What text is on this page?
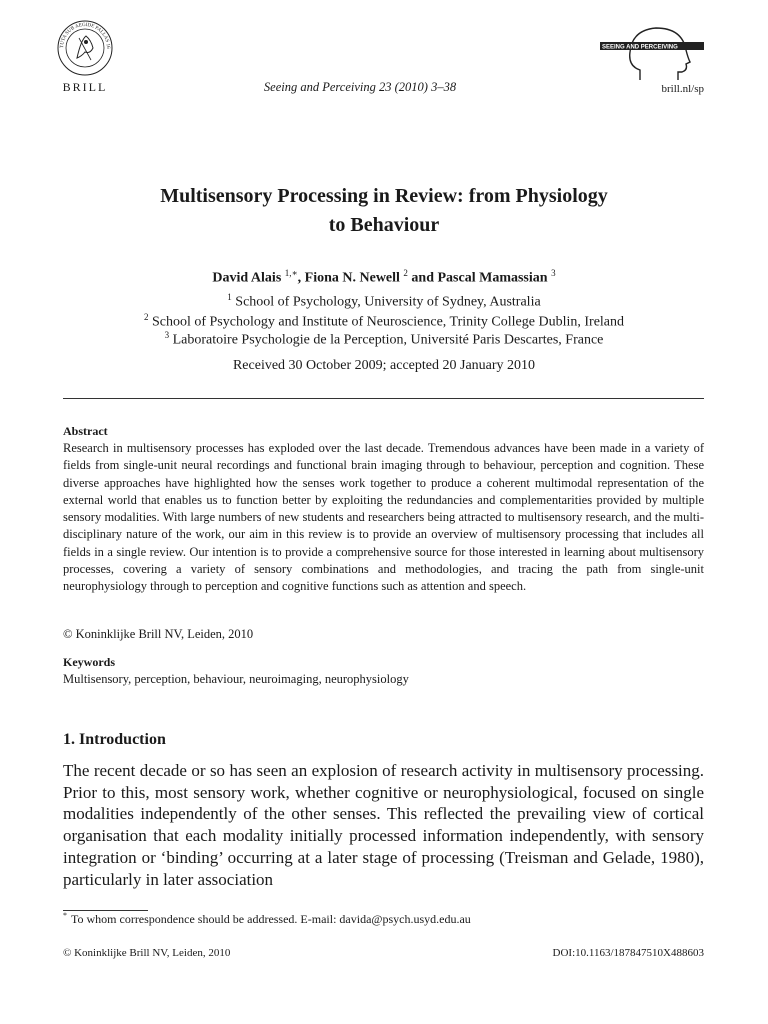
TUTA SUB AEGIDE PALLAS 16
BRILL	Seeing and Perceiving 23 (2010) 3–38
SEEING AND PERCEIVING
brill.nl/sp
Multisensory Processing in Review: from Physiology
to Behaviour
David Alais $^{1,∗}$, Fiona N. Newell $^2$ and Pascal Mamassian $^3$
$^1$ School of Psychology, University of Sydney, Australia
$^2$ School of Psychology and Institute of Neuroscience, Trinity College Dublin, Ireland
$^3$ Laboratoire Psychologie de la Perception, Université Paris Descartes, France
Received 30 October 2009; accepted 20 January 2010
Abstract
Research in multisensory processes has exploded over the last decade. Tremendous advances have been made in a variety of fields from single-unit neural recordings and functional brain imaging through to behaviour, perception and cognition. These diverse approaches have highlighted how the senses work together to produce a coherent multimodal representation of the external world that enables us to function better by exploiting the redundancies and complementarities provided by multiple sensory modalities. With large numbers of new students and researchers being attracted to multisensory research, and the multi-disciplinary nature of the work, our aim in this review is to provide an overview of multisensory processing that includes all fields in a single review. Our intention is to provide a comprehensive source for those interested in learning about multisensory processes, covering a variety of sensory combinations and methodologies, and tracing the path from single-unit neurophysiology through to perception and cognitive functions such as attention and speech.
© Koninklijke Brill NV, Leiden, 2010
Keywords
Multisensory, perception, behaviour, neuroimaging, neurophysiology
1. Introduction
The recent decade or so has seen an explosion of research activity in multisensory processing. Prior to this, most sensory work, whether cognitive or neurophysiological, focused on single modalities independently of the other senses. This reflected the prevailing view of cortical organisation that each modality initially processed information independently, with sensory integration or ‘binding’ occurring at a later stage of processing (Treisman and Gelade, 1980), particularly in later association
* To whom correspondence should be addressed. E-mail: davida@psych.usyd.edu.au
© Koninklijke Brill NV, Leiden, 2010	DOI:10.1163/187847510X488603
